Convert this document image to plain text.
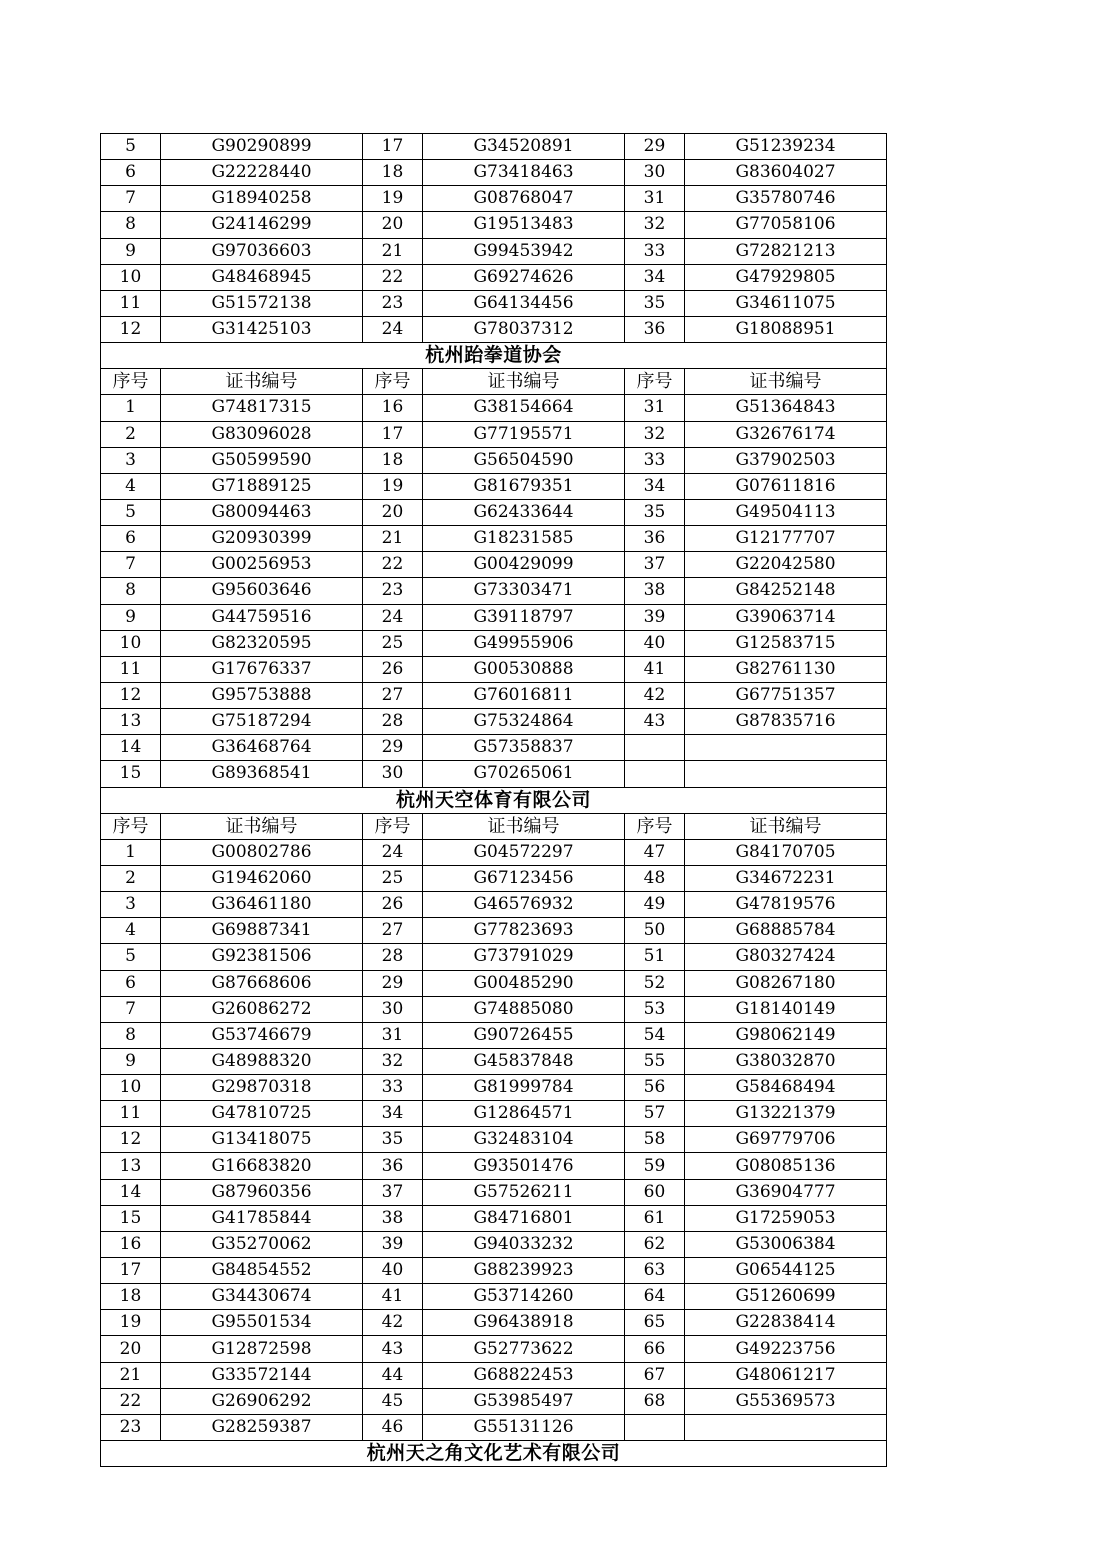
5	G90290899	17	G34520891	29	G51239234
6	G22228440	18	G73418463	30	G83604027
7	G18940258	19	G08768047	31	G35780746
8	G24146299	20	G19513483	32	G77058106
9	G97036603	21	G99453942	33	G72821213
10	G48468945	22	G69274626	34	G47929805
11	G51572138	23	G64134456	35	G34611075
12	G31425103	24	G78037312	36	G18088951
杭州跆拳道协会					
序号	证书编号	序号	证书编号	序号	证书编号
1	G74817315	16	G38154664	31	G51364843
2	G83096028	17	G77195571	32	G32676174
3	G50599590	18	G56504590	33	G37902503
4	G71889125	19	G81679351	34	G07611816
5	G80094463	20	G62433644	35	G49504113
6	G20930399	21	G18231585	36	G12177707
7	G00256953	22	G00429099	37	G22042580
8	G95603646	23	G73303471	38	G84252148
9	G44759516	24	G39118797	39	G39063714
10	G82320595	25	G49955906	40	G12583715
11	G17676337	26	G00530888	41	G82761130
12	G95753888	27	G76016811	42	G67751357
13	G75187294	28	G75324864	43	G87835716
14	G36468764	29	G57358837		
15	G89368541	30	G70265061		
杭州天空体育有限公司					
序号	证书编号	序号	证书编号	序号	证书编号
1	G00802786	24	G04572297	47	G84170705
2	G19462060	25	G67123456	48	G34672231
3	G36461180	26	G46576932	49	G47819576
4	G69887341	27	G77823693	50	G68885784
5	G92381506	28	G73791029	51	G80327424
6	G87668606	29	G00485290	52	G08267180
7	G26086272	30	G74885080	53	G18140149
8	G53746679	31	G90726455	54	G98062149
9	G48988320	32	G45837848	55	G38032870
10	G29870318	33	G81999784	56	G58468494
11	G47810725	34	G12864571	57	G13221379
12	G13418075	35	G32483104	58	G69779706
13	G16683820	36	G93501476	59	G08085136
14	G87960356	37	G57526211	60	G36904777
15	G41785844	38	G84716801	61	G17259053
16	G35270062	39	G94033232	62	G53006384
17	G84854552	40	G88239923	63	G06544125
18	G34430674	41	G53714260	64	G51260699
19	G95501534	42	G96438918	65	G22838414
20	G12872598	43	G52773622	66	G49223756
21	G33572144	44	G68822453	67	G48061217
22	G26906292	45	G53985497	68	G55369573
23	G28259387	46	G55131126		
杭州天之角文化艺术有限公司					
